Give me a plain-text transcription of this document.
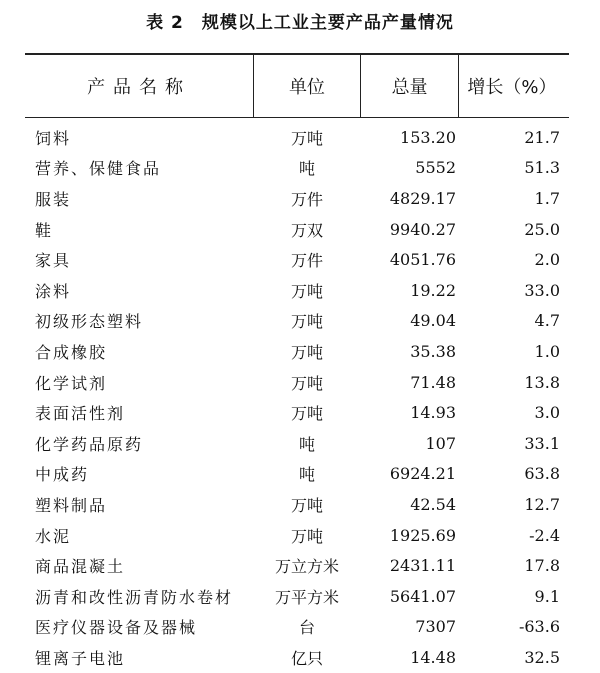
表 2　规模以上工业主要产品产量情况
产品名称	单位	总量	增长（%）
饲料	万吨	153.20	21.7
营养、保健食品	吨	5552	51.3
服装	万件	4829.17	1.7
鞋	万双	9940.27	25.0
家具	万件	4051.76	2.0
涂料	万吨	19.22	33.0
初级形态塑料	万吨	49.04	4.7
合成橡胶	万吨	35.38	1.0
化学试剂	万吨	71.48	13.8
表面活性剂	万吨	14.93	3.0
化学药品原药	吨	107	33.1
中成药	吨	6924.21	63.8
塑料制品	万吨	42.54	12.7
水泥	万吨	1925.69	-2.4
商品混凝土	万立方米	2431.11	17.8
沥青和改性沥青防水卷材	万平方米	5641.07	9.1
医疗仪器设备及器械	台	7307	-63.6
锂离子电池	亿只	14.48	32.5
